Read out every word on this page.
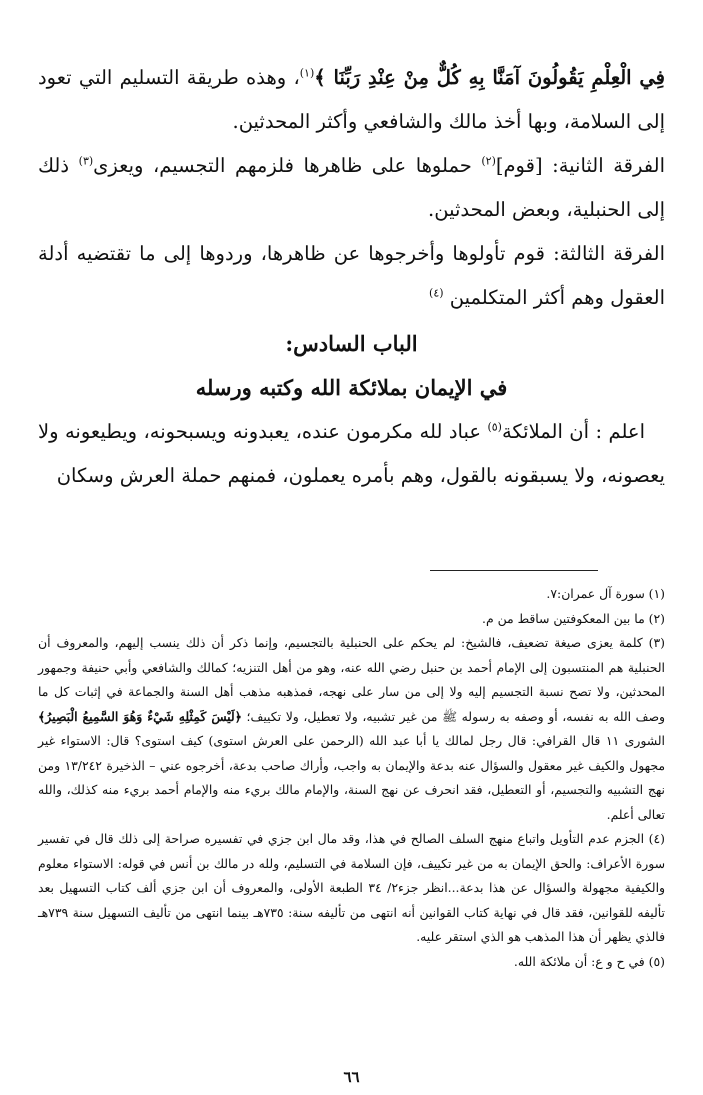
فِي الْعِلْمِ يَقُولُونَ آمَنَّا بِهِ كُلٌّ مِنْ عِنْدِ رَبِّنَا ﴾$^{(١)}$، وهذه طريقة التسليم التي تعود إلى السلامة، وبها أخذ مالك والشافعي وأكثر المحدثين.

الفرقة الثانية: [قوم]$^{(٢)}$ حملوها على ظاهرها فلزمهم التجسيم، ويعزى$^{(٣)}$ ذلك إلى الحنبلية، وبعض المحدثين.

الفرقة الثالثة: قوم تأولوها وأخرجوها عن ظاهرها، وردوها إلى ما تقتضيه أدلة العقول وهم أكثر المتكلمين $^{(٤)}$

الباب السادس:

في الإيمان بملائكة الله وكتبه ورسله

اعلم : أن الملائكة$^{(٥)}$ عباد لله مكرمون عنده، يعبدونه ويسبحونه، ويطيعونه ولا يعصونه، ولا يسبقونه بالقول، وهم بأمره يعملون، فمنهم حملة العرش وسكان

(١) سورة آل عمران:٧.

(٢) ما بين المعكوفتين ساقط من م.

(٣) كلمة يعزى صيغة تضعيف، فالشيخ: لم يحكم على الحنبلية بالتجسيم، وإنما ذكر أن ذلك ينسب إليهم، والمعروف أن الحنبلية هم المنتسبون إلى الإمام أحمد بن حنبل رضي الله عنه، وهو من أهل التنزيه؛ كمالك والشافعي وأبي حنيفة وجمهور المحدثين، ولا تصح نسبة التجسيم إليه ولا إلى من سار على نهجه، فمذهبه مذهب أهل السنة والجماعة في إثبات كل ما وصف الله به نفسه، أو وصفه به رسوله ﷺ من غير تشبيه، ولا تعطيل، ولا تكييف؛ ﴿لَيْسَ كَمِثْلِهِ شَيْءٌ وَهُوَ السَّمِيعُ الْبَصِيرُ﴾ الشورى ١١ قال القرافي: قال رجل لمالك يا أبا عبد الله (الرحمن على العرش استوى) كيف استوى؟ قال: الاستواء غير مجهول والكيف غير معقول والسؤال عنه بدعة والإيمان به واجب، وأراك صاحب بدعة، أخرجوه عني – الذخيرة ١٣/٢٤٢ ومن نهج التشبيه والتجسيم، أو التعطيل، فقد انحرف عن نهج السنة، والإمام مالك بريء منه والإمام أحمد بريء منه كذلك، والله تعالى أعلم.

(٤) الجزم عدم التأويل واتباع منهج السلف الصالح في هذا، وقد مال ابن جزي في تفسيره صراحة إلى ذلك قال في تفسير سورة الأعراف: والحق الإيمان به من غير تكييف، فإن السلامة في التسليم، ولله در مالك بن أنس في قوله: الاستواء معلوم والكيفية مجهولة والسؤال عن هذا بدعة...انظر جزء٢/ ٣٤ الطبعة الأولى، والمعروف أن ابن جزي ألف كتاب التسهيل بعد تأليفه للقوانين، فقد قال في نهاية كتاب القوانين أنه انتهى من تأليفه سنة: ٧٣٥هـ بينما انتهى من تأليف التسهيل سنة ٧٣٩هـ فالذي يظهر أن هذا المذهب هو الذي استقر عليه.

(٥) في ح و ع: أن ملائكة الله.

٦٦
